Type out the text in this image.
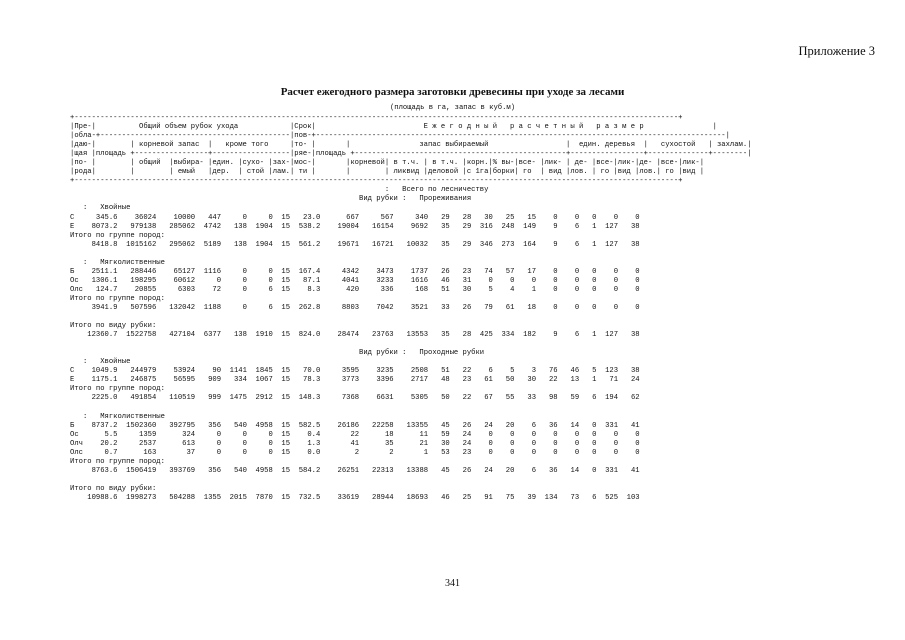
Приложение 3
Расчет ежегодного размера заготовки древесины при уходе за лесами
(площадь в га, запас в куб.м)
+--------------------------------------------------------------------------------------------------------------------------------------------+
|Пре-|          Общий объем рубок ухода            |Срок|                         Е ж е г о д н ы й   р а с ч е т н ы й   р а з м е р                |
|обла-+--------------------------------------------|пов-+-----------------------------------------------------------------------------------------------|
|даю-|        | корневой запас  |   кроме того     |то- |       |                запас выбираемый                  |  един. деревья  |   сухостой   | захлам.|
|щая |площадь +-----------------+------------------|ряе-|площадь +-------------------------------------------------+-----------------+--------------+--------|
|по- |        | общий  |выбира- |един. |сухо- |зах-|мос-|       |корневой| в т.ч. | в т.ч. |корн.|% вы-|все- |лик- | де- |все-|лик-|де- |все-|лик-|
|рода|        |        | емый   |дер.  | стой |лам.| ти |       |        | ликвид |деловой |с 1га|борки| го  | вид |лов. | го |вид |лов.| го |вид |
+--------------------------------------------------------------------------------------------------------------------------------------------+
:   Всего по лесничеству
Вид рубки : Прореживания
:   Хвойные
С     345.6    36024    10000   447     0     0  15   23.0      667     567     340   29   28   30   25   15    0    0   0    0    0
Е    8073.2   979138   285062  4742   138  1904  15  538.2    19004   16154    9692   35   29  316  248  149    9    6   1  127   38
Итого по группе пород:
8418.8  1015162   295062  5189   138  1904  15  561.2    19671   16721   10032   35   29  346  273  164    9    6   1  127   38

:   Мягколиственные
Б    2511.1   288446    65127  1116     0     0  15  167.4     4342    3473    1737   26   23   74   57   17    0    0   0    0    0
Ос   1306.1   198295    60612     0     0     0  15   87.1     4041    3233    1616   46   31    0    0    0    0    0   0    0    0
Олс   124.7    20855     6303    72     0     6  15    8.3      420     336     168   51   30    5    4    1    0    0   0    0    0
Итого по группе пород:
3941.9   507596   132042  1188     0     6  15  262.8     8803    7042    3521   33   26   79   61   18    0    0   0    0    0

Итого по виду рубки:
12360.7  1522758   427104  6377   138  1910  15  824.0    28474   23763   13553   35   28  425  334  182    9    6   1  127   38

Вид рубки : Проходные рубки
:   Хвойные
С    1049.9   244979    53924    90  1141  1845  15   70.0     3595    3235    2508   51   22    6    5    3   76   46   5  123   38
Е    1175.1   246875    56595   909   334  1067  15   78.3     3773    3396    2717   48   23   61   50   30   22   13   1   71   24
Итого по группе пород:
2225.0   491854   110519   999  1475  2912  15  148.3     7368    6631    5305   50   22   67   55   33   98   59   6  194   62

:   Мягколиственные
Б    8737.2  1502360   392795   356   540  4958  15  582.5    26186   22258   13355   45   26   24   20    6   36   14   0  331   41
Ос      5.5     1359      324     0     0     0  15    0.4       22      18      11   59   24    0    0    0    0    0   0    0    0
Олч    20.2     2537      613     0     0     0  15    1.3       41      35      21   30   24    0    0    0    0    0   0    0    0
Олс     0.7      163       37     0     0     0  15    0.0        2       2       1   53   23    0    0    0    0    0   0    0    0
Итого по группе пород:
8763.6  1506419   393769   356   540  4958  15  584.2    26251   22313   13388   45   26   24   20    6   36   14   0  331   41

Итого по виду рубки:
10988.6  1998273   504288  1355  2015  7870  15  732.5    33619   28944   18693   46   25   91   75   39  134   73   6  525  103

341
